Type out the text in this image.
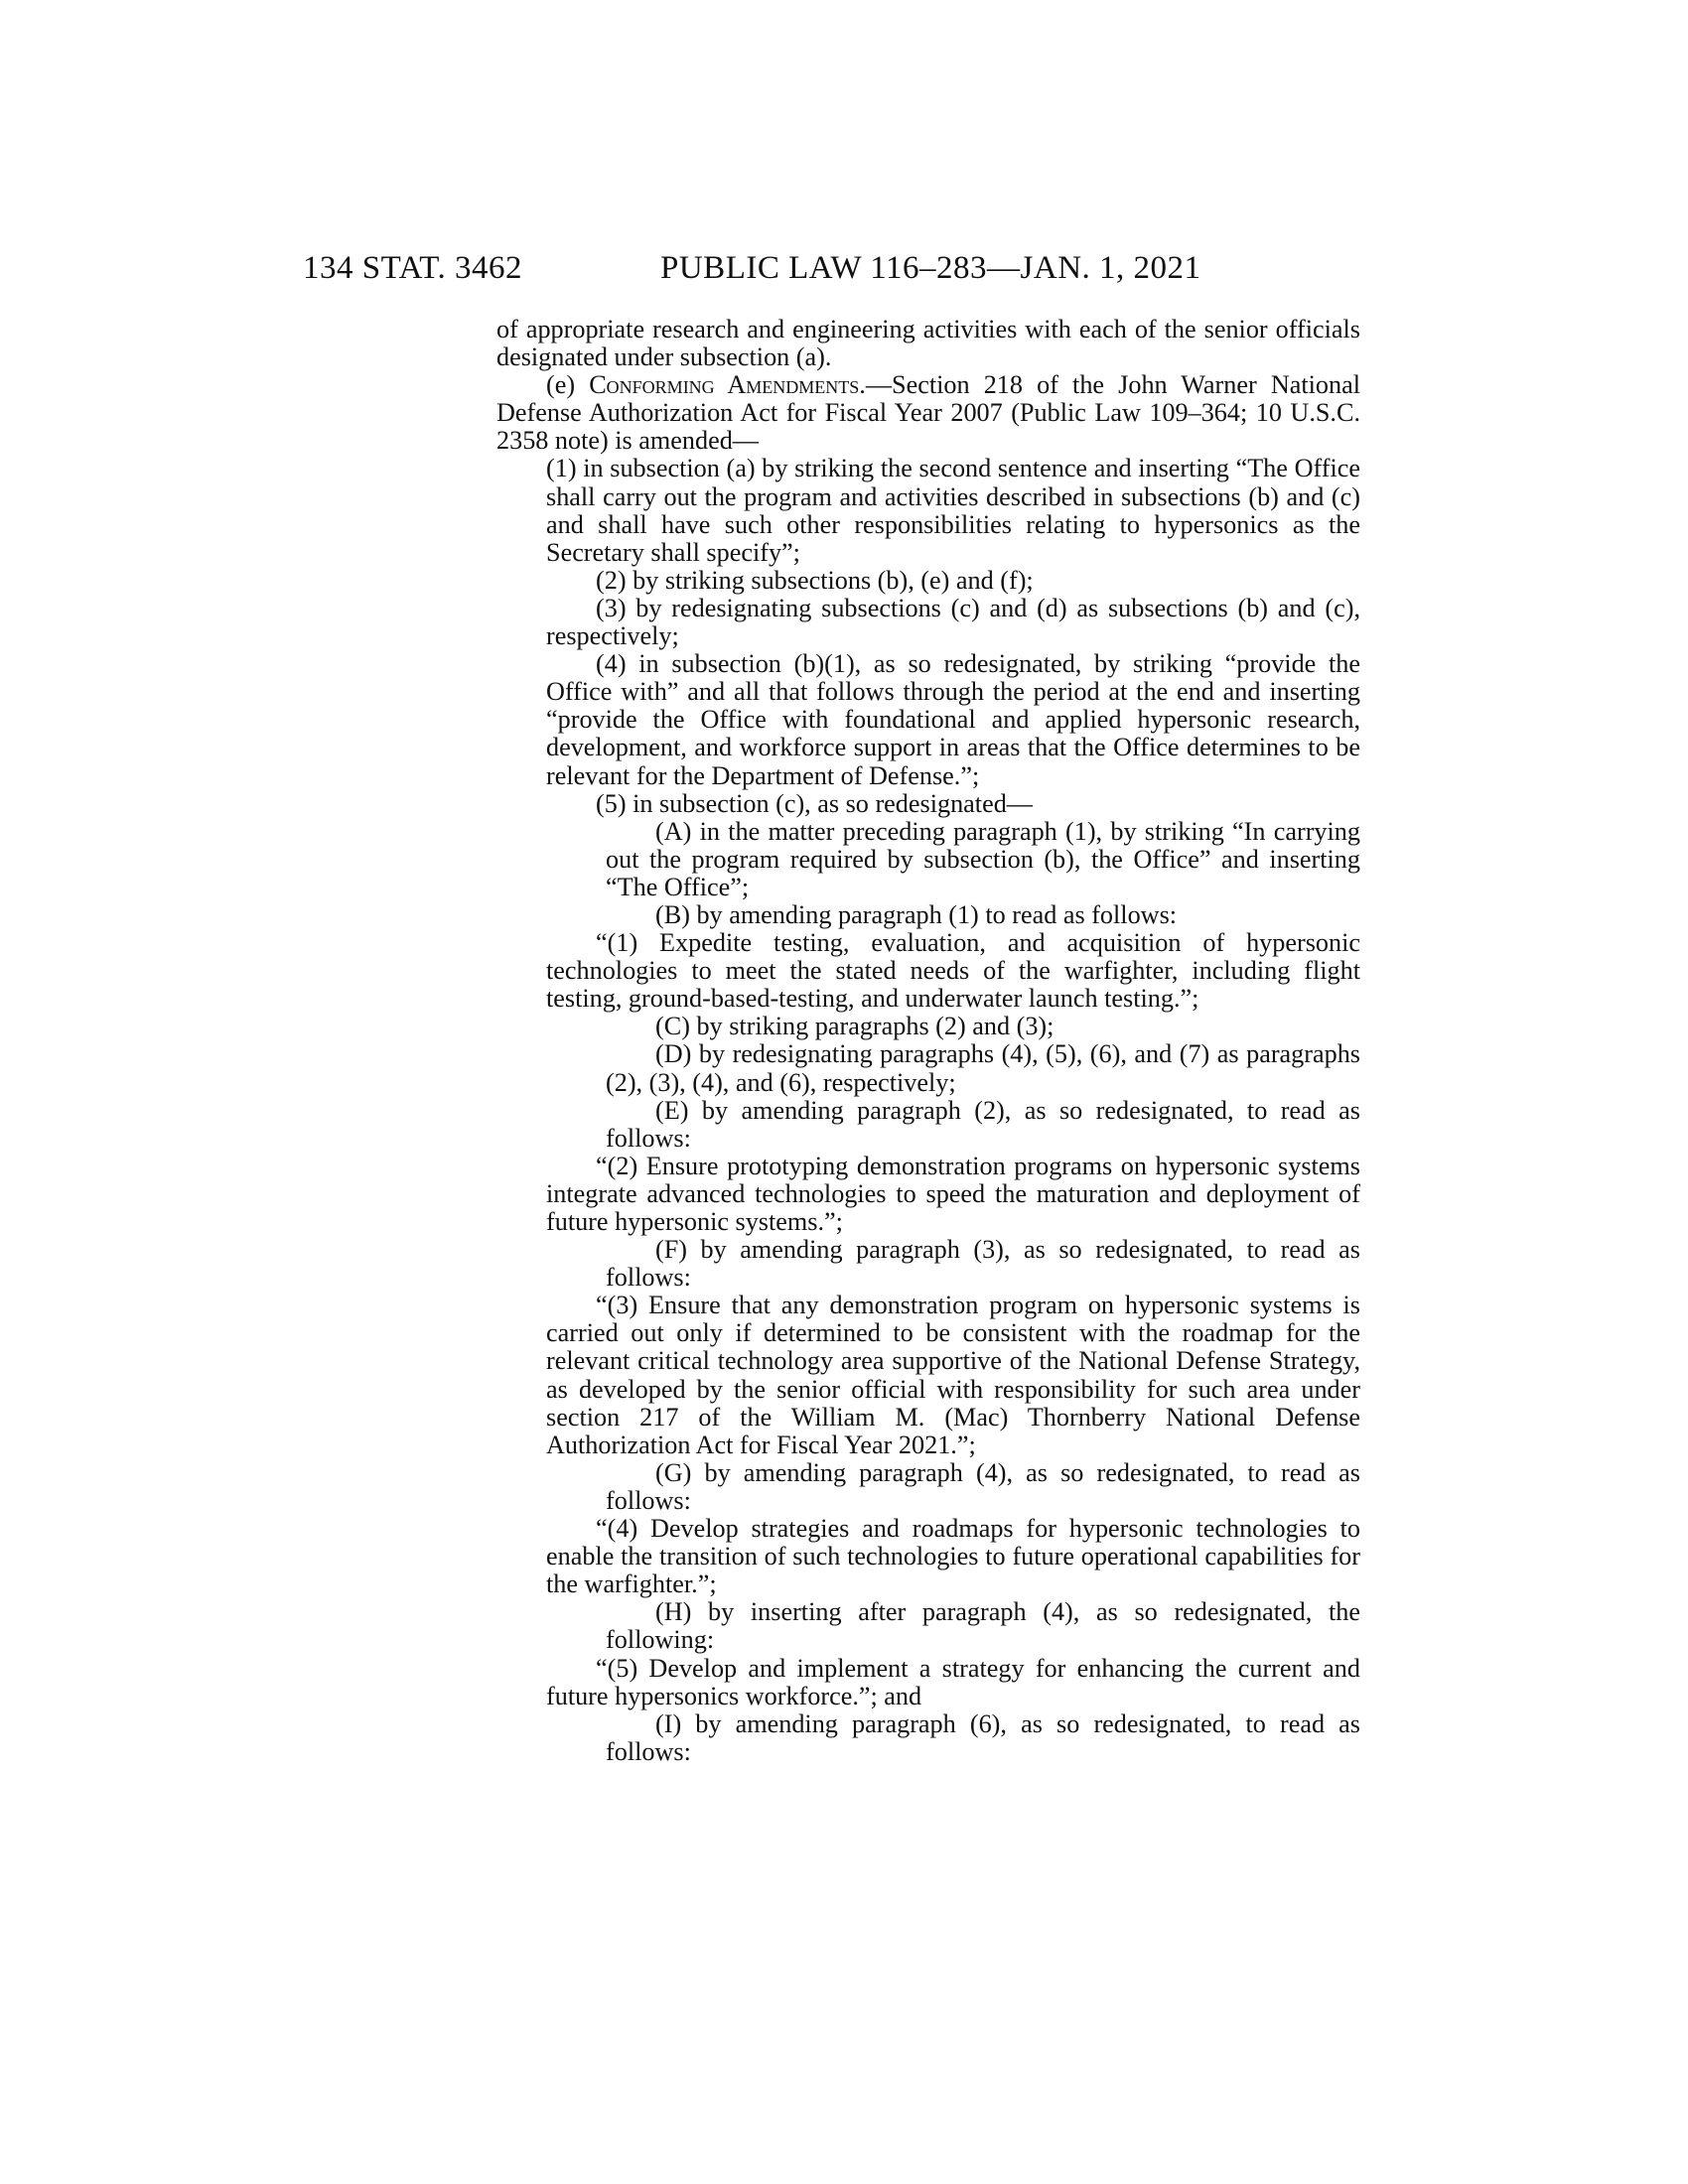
134 STAT. 3462	PUBLIC LAW 116–283—JAN. 1, 2021

of appropriate research and engineering activities with each of the senior officials designated under subsection (a).

(e) Conforming Amendments.—Section 218 of the John Warner National Defense Authorization Act for Fiscal Year 2007 (Public Law 109–364; 10 U.S.C. 2358 note) is amended—

(1) in subsection (a) by striking the second sentence and inserting “The Office shall carry out the program and activities described in subsections (b) and (c) and shall have such other responsibilities relating to hypersonics as the Secretary shall specify”;

(2) by striking subsections (b), (e) and (f);

(3) by redesignating subsections (c) and (d) as subsections (b) and (c), respectively;

(4) in subsection (b)(1), as so redesignated, by striking “provide the Office with” and all that follows through the period at the end and inserting “provide the Office with foundational and applied hypersonic research, development, and workforce support in areas that the Office determines to be relevant for the Department of Defense.”;

(5) in subsection (c), as so redesignated—

(A) in the matter preceding paragraph (1), by striking “In carrying out the program required by subsection (b), the Office” and inserting “The Office”;

(B) by amending paragraph (1) to read as follows:

“(1) Expedite testing, evaluation, and acquisition of hypersonic technologies to meet the stated needs of the warfighter, including flight testing, ground-based-testing, and underwater launch testing.”;

(C) by striking paragraphs (2) and (3);

(D) by redesignating paragraphs (4), (5), (6), and (7) as paragraphs (2), (3), (4), and (6), respectively;

(E) by amending paragraph (2), as so redesignated, to read as follows:

“(2) Ensure prototyping demonstration programs on hypersonic systems integrate advanced technologies to speed the maturation and deployment of future hypersonic systems.”;

(F) by amending paragraph (3), as so redesignated, to read as follows:

“(3) Ensure that any demonstration program on hypersonic systems is carried out only if determined to be consistent with the roadmap for the relevant critical technology area supportive of the National Defense Strategy, as developed by the senior official with responsibility for such area under section 217 of the William M. (Mac) Thornberry National Defense Authorization Act for Fiscal Year 2021.”;

(G) by amending paragraph (4), as so redesignated, to read as follows:

“(4) Develop strategies and roadmaps for hypersonic technologies to enable the transition of such technologies to future operational capabilities for the warfighter.”;

(H) by inserting after paragraph (4), as so redesignated, the following:

“(5) Develop and implement a strategy for enhancing the current and future hypersonics workforce.”; and

(I) by amending paragraph (6), as so redesignated, to read as follows:
